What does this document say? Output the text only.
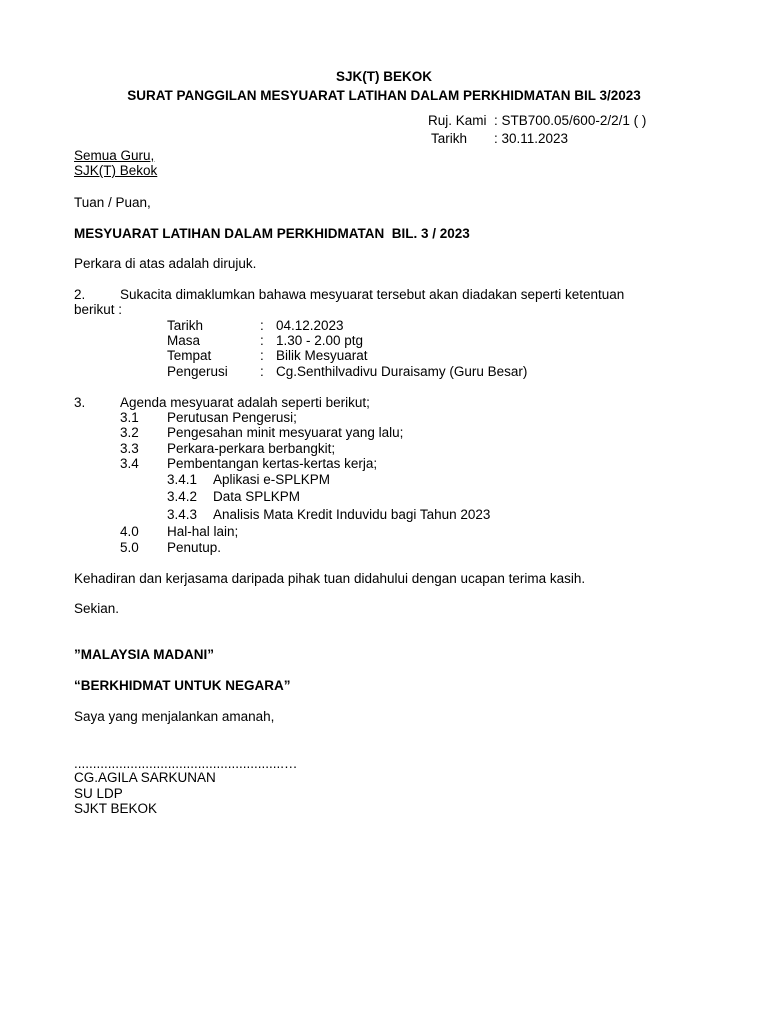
SJK(T) BEKOK
SURAT PANGGILAN MESYUARAT LATIHAN DALAM PERKHIDMATAN BIL 3/2023
Ruj. Kami : STB700.05/600-2/2/1 ( )
Tarikh : 30.11.2023
Semua Guru,
SJK(T) Bekok
Tuan / Puan,
MESYUARAT LATIHAN DALAM PERKHIDMATAN  BIL. 3 / 2023
Perkara di atas adalah dirujuk.
2.	Sukacita dimaklumkan bahawa mesyuarat tersebut akan diadakan seperti ketentuan
berikut :
Tarikh	: 04.12.2023
Masa	: 1.30 - 2.00 ptg
Tempat	: Bilik Mesyuarat
Pengerusi : Cg.Senthilvadivu Duraisamy (Guru Besar)
3.	Agenda mesyuarat adalah seperti berikut;
3.1 Perutusan Pengerusi;
3.2 Pengesahan minit mesyuarat yang lalu;
3.3 Perkara-perkara berbangkit;
3.4 Pembentangan kertas-kertas kerja;
3.4.1 Aplikasi e-SPLKPM
3.4.2 Data SPLKPM
3.4.3 Analisis Mata Kredit Induvidu bagi Tahun 2023
4.0 Hal-hal lain;
5.0 Penutup.
Kehadiran dan kerjasama daripada pihak tuan didahului dengan ucapan terima kasih.
Sekian.
”MALAYSIA MADANI”
“BERKHIDMAT UNTUK NEGARA”
Saya yang menjalankan amanah,
........................................................…
CG.AGILA SARKUNAN
SU LDP
SJKT BEKOK
